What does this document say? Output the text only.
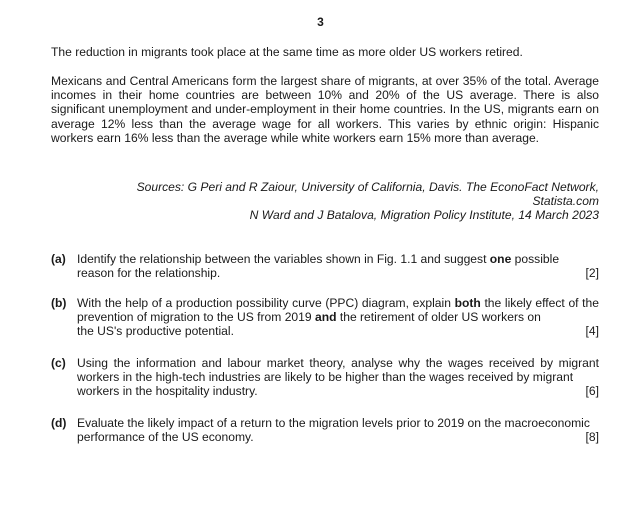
3
The reduction in migrants took place at the same time as more older US workers retired.
Mexicans and Central Americans form the largest share of migrants, at over 35% of the total. Average incomes in their home countries are between 10% and 20% of the US average. There is also significant unemployment and under-employment in their home countries. In the US, migrants earn on average 12% less than the average wage for all workers. This varies by ethnic origin: Hispanic workers earn 16% less than the average while white workers earn 15% more than average.
Sources: G Peri and R Zaiour, University of California, Davis. The EconoFact Network,
Statista.com
N Ward and J Batalova, Migration Policy Institute, 14 March 2023
(a) Identify the relationship between the variables shown in Fig. 1.1 and suggest one possible
reason for the relationship.	[2]
(b) With the help of a production possibility curve (PPC) diagram, explain both the likely effect of the prevention of migration to the US from 2019 and the retirement of older US workers on
the US's productive potential.	[4]
(c) Using the information and labour market theory, analyse why the wages received by migrant workers in the high-tech industries are likely to be higher than the wages received by migrant
workers in the hospitality industry.	[6]
(d) Evaluate the likely impact of a return to the migration levels prior to 2019 on the macroeconomic
performance of the US economy.	[8]
